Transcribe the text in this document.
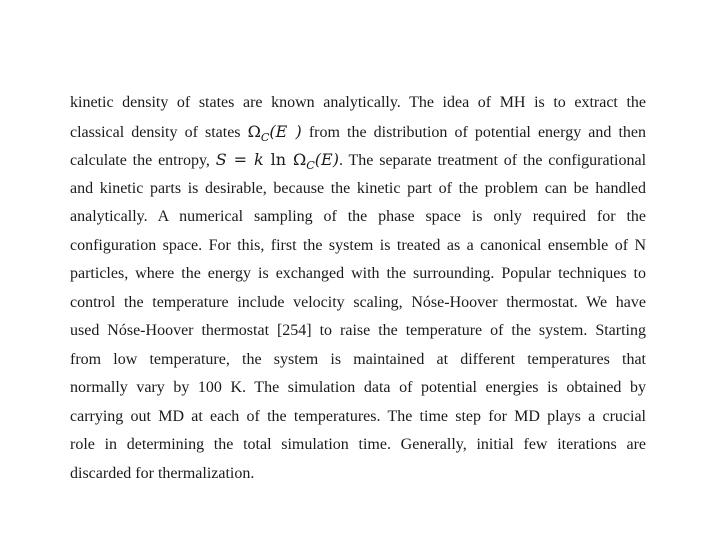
kinetic density of states are known analytically. The idea of MH is to extract the
classical density of states $\Omega_C(E$ ) from the distribution of potential energy and then
calculate the entropy, S = k $\ln \Omega_C(E)$. The separate treatment of the configurational
and kinetic parts is desirable, because the kinetic part of the problem can be handled
analytically. A numerical sampling of the phase space is only required for the
configuration space. For this, first the system is treated as a canonical ensemble of N
particles, where the energy is exchanged with the surrounding. Popular techniques to
control the temperature include velocity scaling, Nóse-Hoover thermostat. We have
used Nóse-Hoover thermostat [254] to raise the temperature of the system. Starting
from low temperature, the system is maintained at different temperatures that
normally vary by 100 K. The simulation data of potential energies is obtained by
carrying out MD at each of the temperatures. The time step for MD plays a crucial
role in determining the total simulation time. Generally, initial few iterations are
discarded for thermalization.
